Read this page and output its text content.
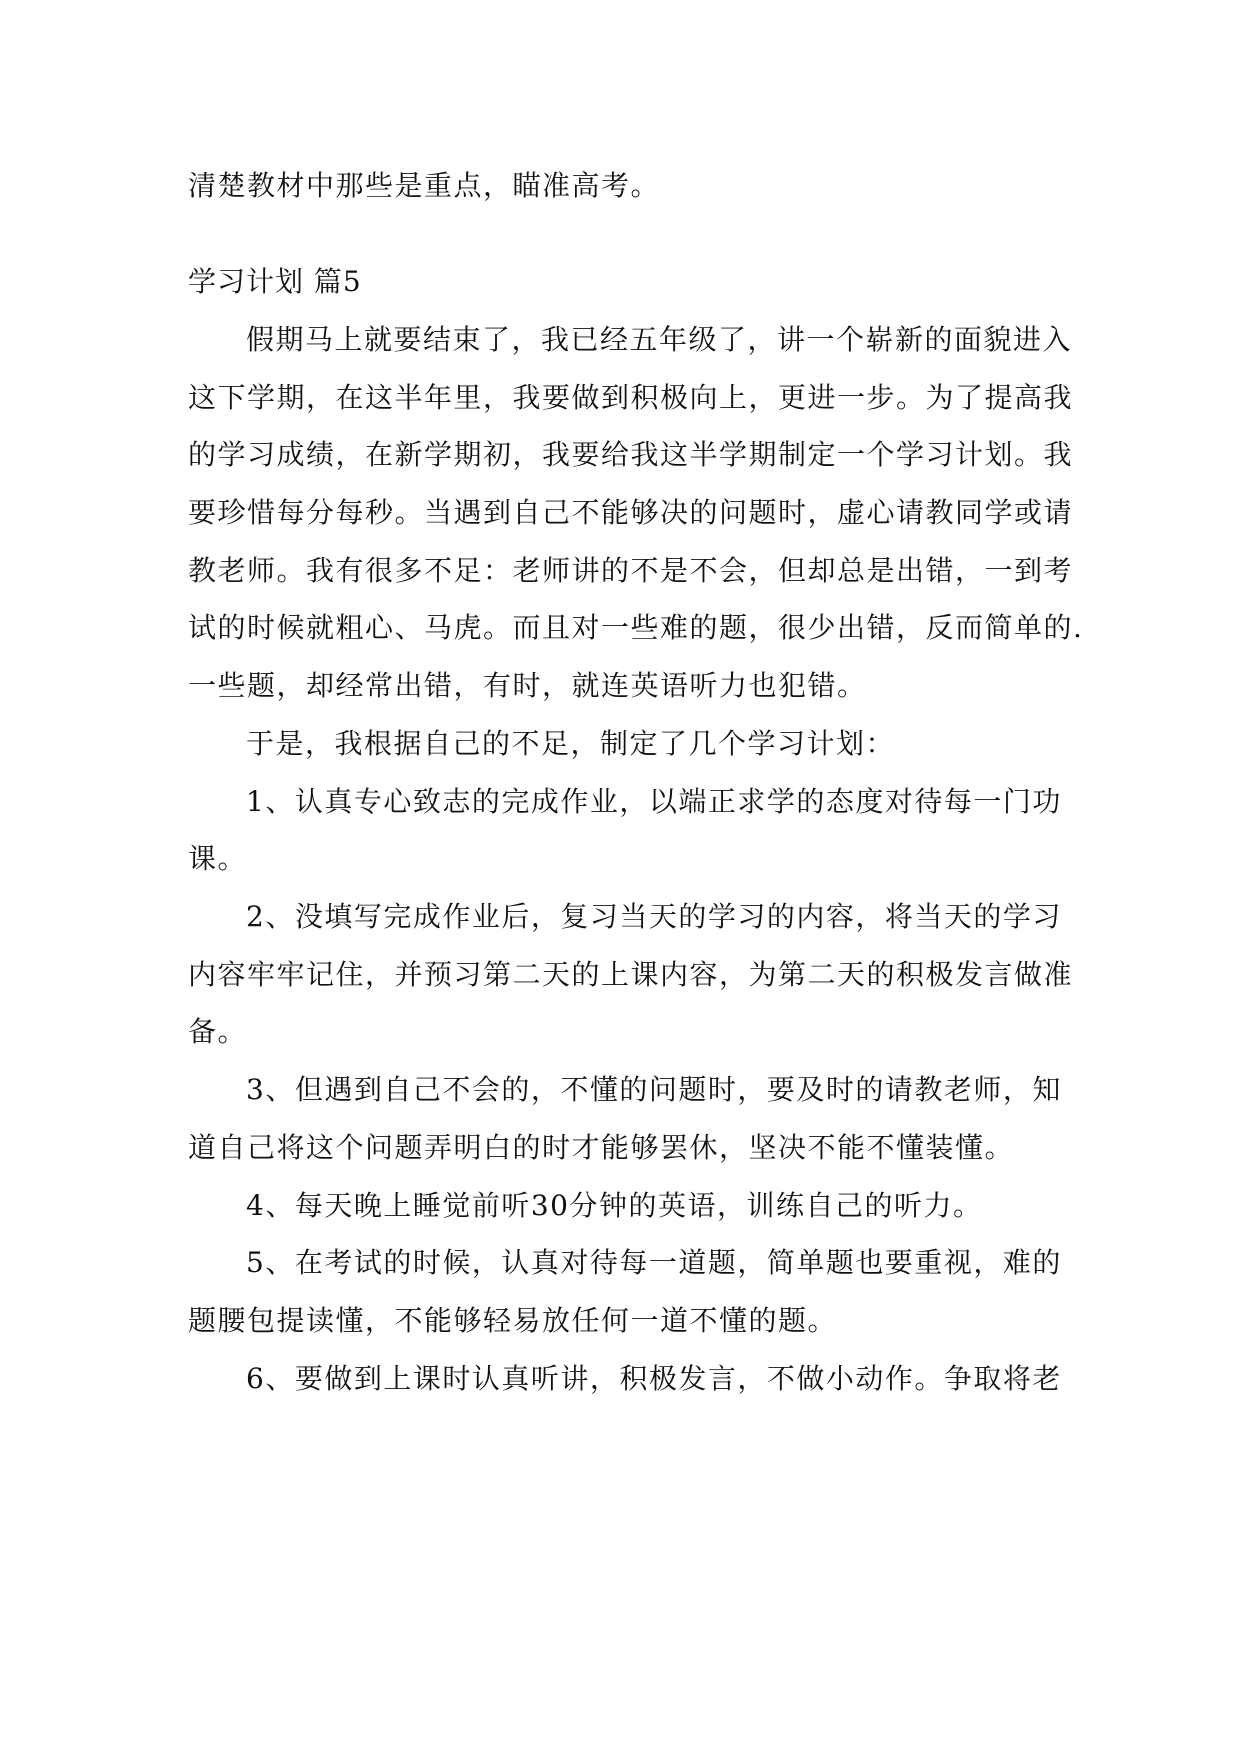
清楚教材中那些是重点，瞄准高考。
学习计划 篇5
假期马上就要结束了，我已经五年级了，讲一个崭新的面貌进入
这下学期，在这半年里，我要做到积极向上，更进一步。为了提高我
的学习成绩，在新学期初，我要给我这半学期制定一个学习计划。我
要珍惜每分每秒。当遇到自己不能够决的问题时，虚心请教同学或请
教老师。我有很多不足：老师讲的不是不会，但却总是出错，一到考
试的时候就粗心、马虎。而且对一些难的题，很少出错，反而简单的.
一些题，却经常出错，有时，就连英语听力也犯错。
于是，我根据自己的不足，制定了几个学习计划：
1、认真专心致志的完成作业，以端正求学的态度对待每一门功
课。
2、没填写完成作业后，复习当天的学习的内容，将当天的学习
内容牢牢记住，并预习第二天的上课内容，为第二天的积极发言做准
备。
3、但遇到自己不会的，不懂的问题时，要及时的请教老师，知
道自己将这个问题弄明白的时才能够罢休，坚决不能不懂装懂。
4、每天晚上睡觉前听30分钟的英语，训练自己的听力。
5、在考试的时候，认真对待每一道题，简单题也要重视，难的
题腰包提读懂，不能够轻易放任何一道不懂的题。
6、要做到上课时认真听讲，积极发言，不做小动作。争取将老
